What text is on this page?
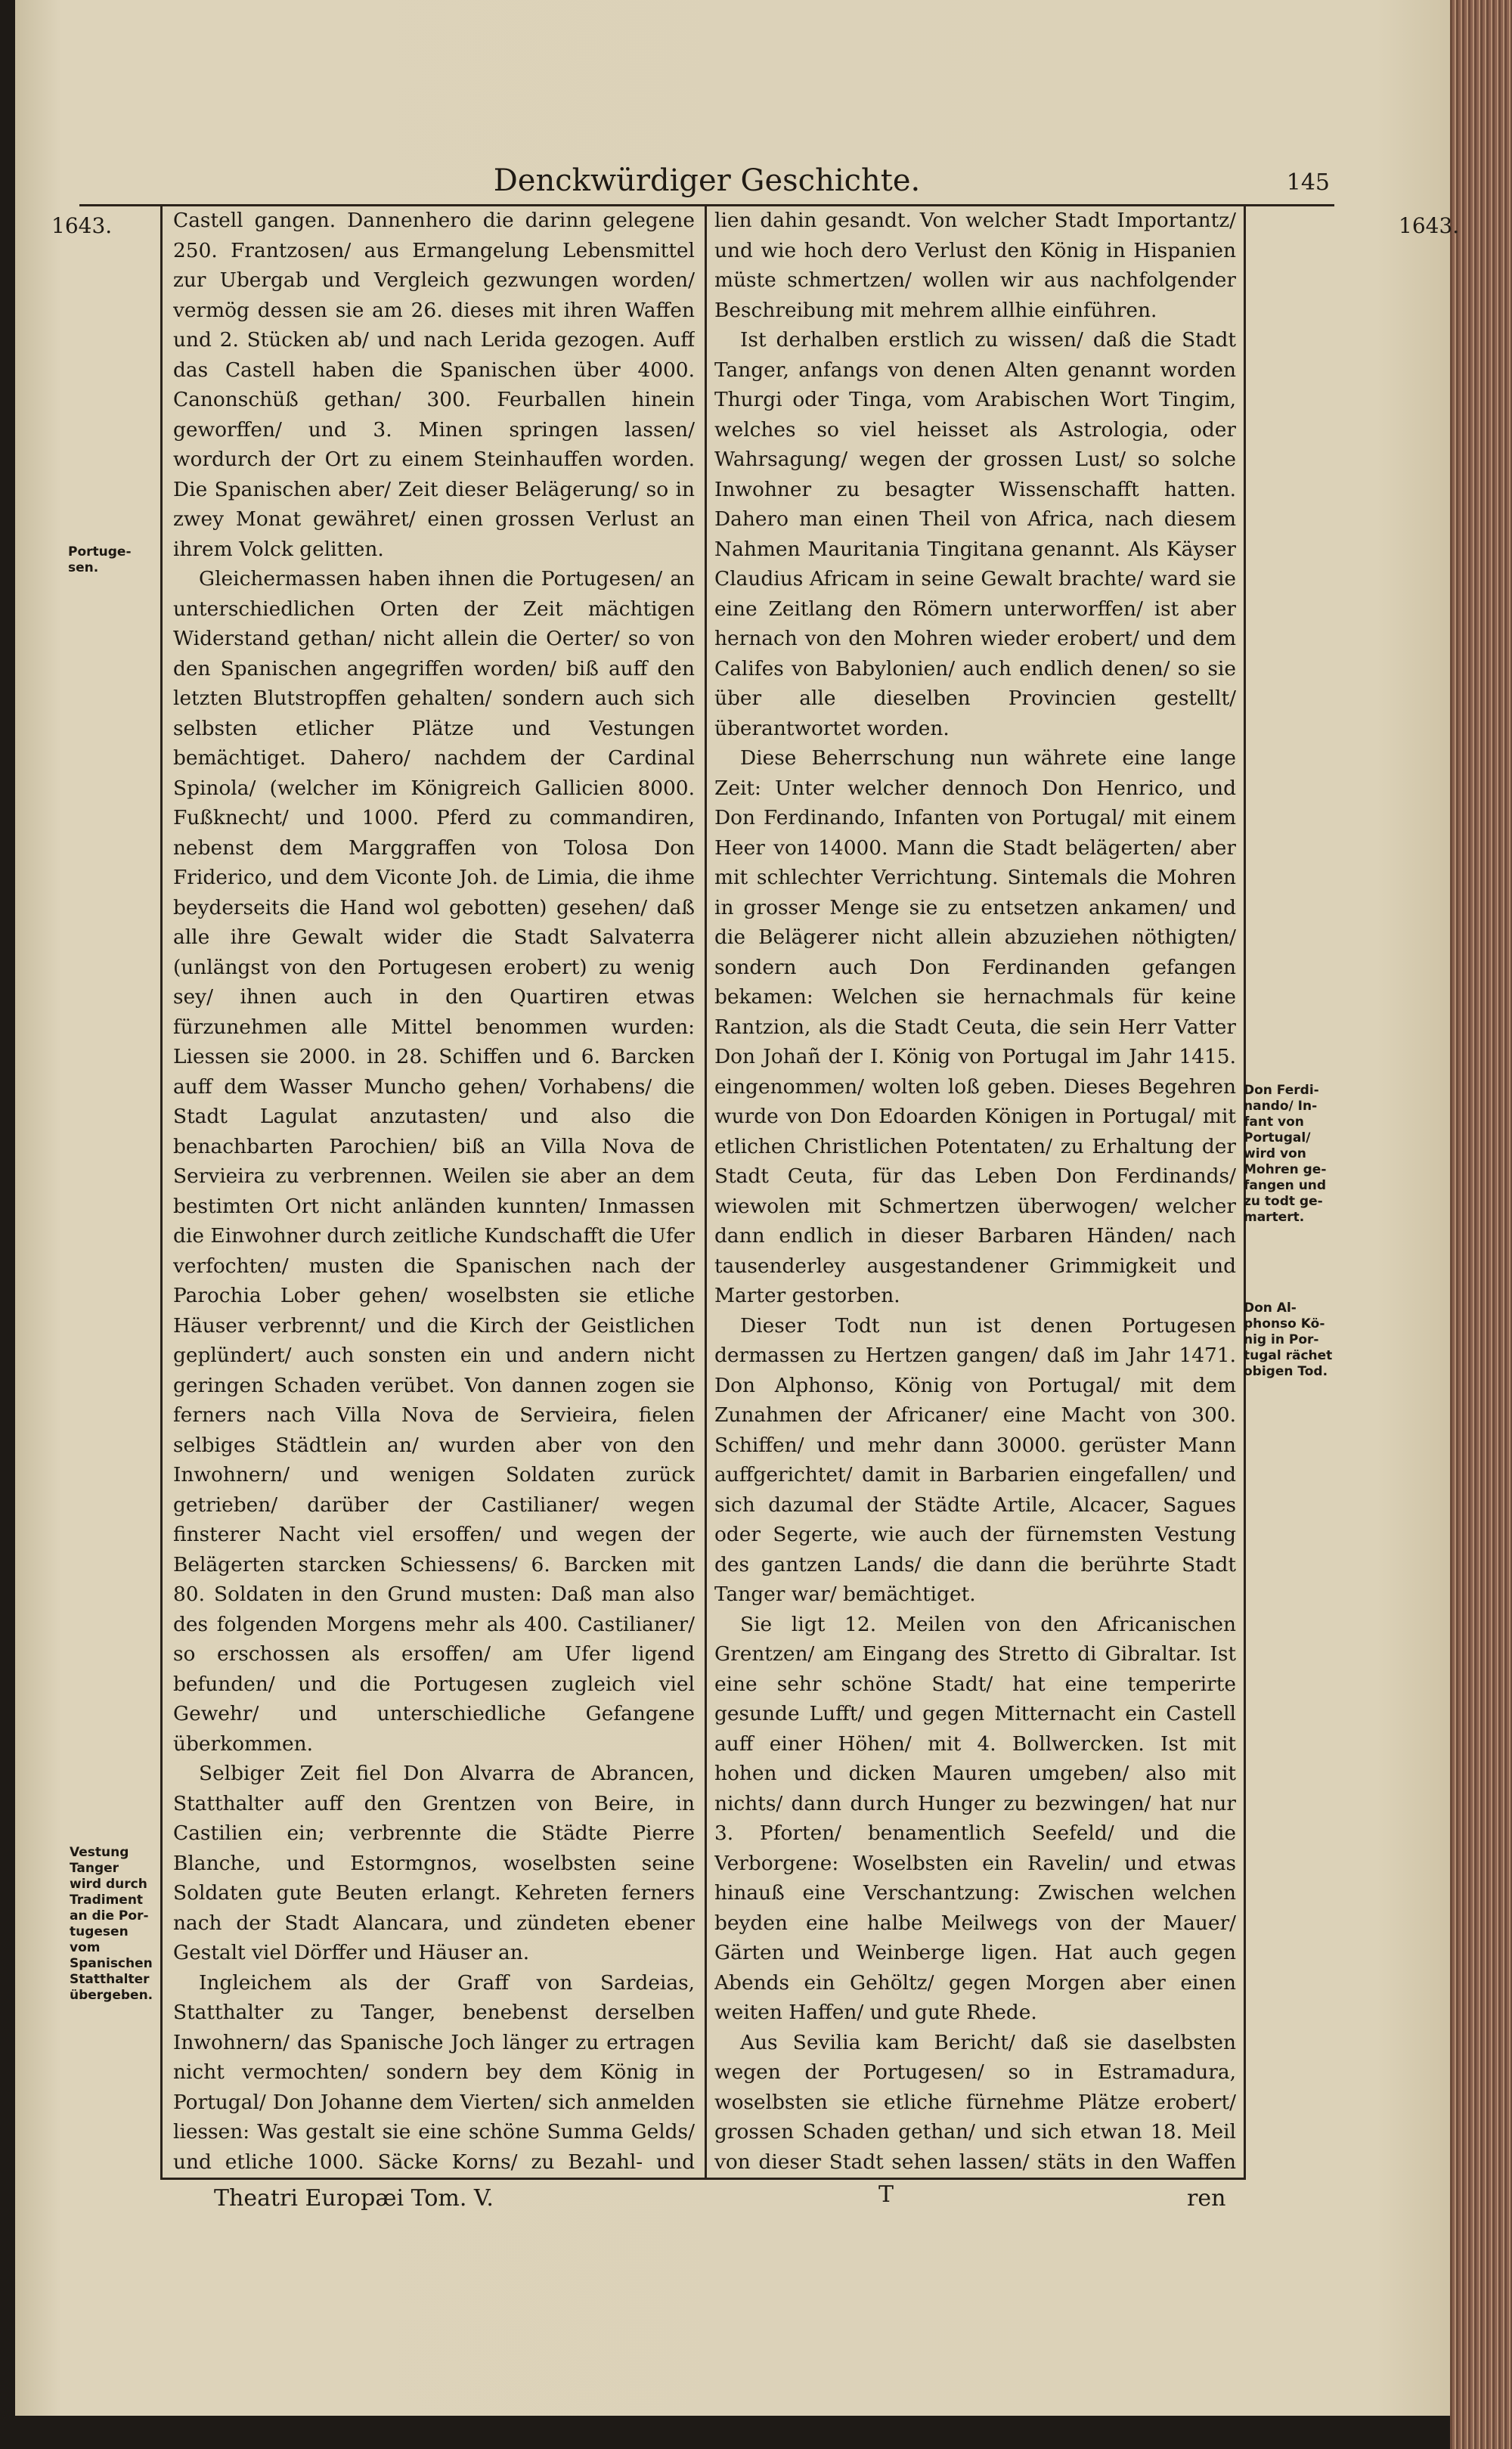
Denckwürdiger Geschichte.	145
1643.	1643.

Castell gangen. Dannenhero die darinn gelegene 250. Frantzosen/ aus Ermangelung Lebensmittel zur Ubergab und Vergleich gezwungen worden/ vermög dessen sie am 26. dieses mit ihren Waffen und 2. Stücken ab/ und nach Lerida gezogen. Auff das Castell haben die Spanischen über 4000. Canonschüß gethan/ 300. Feurballen hinein geworffen/ und 3. Minen springen lassen/ wordurch der Ort zu einem Steinhauffen worden. Die Spanischen aber/ Zeit dieser Belägerung/ so in zwey Monat gewähret/ einen grossen Verlust an ihrem Volck gelitten.

Gleichermassen haben ihnen die Portugesen/ an unterschiedlichen Orten der Zeit mächtigen Widerstand gethan/ nicht allein die Oerter/ so von den Spanischen angegriffen worden/ biß auff den letzten Blutstropffen gehalten/ sondern auch sich selbsten etlicher Plätze und Vestungen bemächtiget. Dahero/ nachdem der Cardinal Spinola/ (welcher im Königreich Gallicien 8000. Fußknecht/ und 1000. Pferd zu commandiren, nebenst dem Marggraffen von Tolosa Don Friderico, und dem Viconte Joh. de Limia, die ihme beyderseits die Hand wol gebotten) gesehen/ daß alle ihre Gewalt wider die Stadt Salvaterra (unlängst von den Portugesen erobert) zu wenig sey/ ihnen auch in den Quartiren etwas fürzunehmen alle Mittel benommen wurden: Liessen sie 2000. in 28. Schiffen und 6. Barcken auff dem Wasser Muncho gehen/ Vorhabens/ die Stadt Lagulat anzutasten/ und also die benachbarten Parochien/ biß an Villa Nova de Servieira zu verbrennen. Weilen sie aber an dem bestimten Ort nicht anländen kunnten/ Inmassen die Einwohner durch zeitliche Kundschafft die Ufer verfochten/ musten die Spanischen nach der Parochia Lober gehen/ woselbsten sie etliche Häuser verbrennt/ und die Kirch der Geistlichen geplündert/ auch sonsten ein und andern nicht geringen Schaden verübet. Von dannen zogen sie ferners nach Villa Nova de Servieira, fielen selbiges Städtlein an/ wurden aber von den Inwohnern/ und wenigen Soldaten zurück getrieben/ darüber der Castilianer/ wegen finsterer Nacht viel ersoffen/ und wegen der Belägerten starcken Schiessens/ 6. Barcken mit 80. Soldaten in den Grund musten: Daß man also des folgenden Morgens mehr als 400. Castilianer/ so erschossen als ersoffen/ am Ufer ligend befunden/ und die Portugesen zugleich viel Gewehr/ und unterschiedliche Gefangene überkommen.

Selbiger Zeit fiel Don Alvarra de Abrancen, Statthalter auff den Grentzen von Beire, in Castilien ein; verbrennte die Städte Pierre Blanche, und Estormgnos, woselbsten seine Soldaten gute Beuten erlangt. Kehreten ferners nach der Stadt Alancara, und zündeten ebener Gestalt viel Dörffer und Häuser an.

Ingleichem als der Graff von Sardeias, Statthalter zu Tanger, benebenst derselben Inwohnern/ das Spanische Joch länger zu ertragen nicht vermochten/ sondern bey dem König in Portugal/ Don Johanne dem Vierten/ sich anmelden liessen: Was gestalt sie eine schöne Summa Gelds/ und etliche 1000. Säcke Korns/ zu Bezahl- und

lien dahin gesandt. Von welcher Stadt Importantz/ und wie hoch dero Verlust den König in Hispanien müste schmertzen/ wollen wir aus nachfolgender Beschreibung mit mehrem allhie einführen.

Ist derhalben erstlich zu wissen/ daß die Stadt Tanger, anfangs von denen Alten genannt worden Thurgi oder Tinga, vom Arabischen Wort Tingim, welches so viel heisset als Astrologia, oder Wahrsagung/ wegen der grossen Lust/ so solche Inwohner zu besagter Wissenschafft hatten. Dahero man einen Theil von Africa, nach diesem Nahmen Mauritania Tingitana genannt. Als Käyser Claudius Africam in seine Gewalt brachte/ ward sie eine Zeitlang den Römern unterworffen/ ist aber hernach von den Mohren wieder erobert/ und dem Califes von Babylonien/ auch endlich denen/ so sie über alle dieselben Provincien gestellt/ überantwortet worden.

Diese Beherrschung nun währete eine lange Zeit: Unter welcher dennoch Don Henrico, und Don Ferdinando, Infanten von Portugal/ mit einem Heer von 14000. Mann die Stadt belägerten/ aber mit schlechter Verrichtung. Sintemals die Mohren in grosser Menge sie zu entsetzen ankamen/ und die Belägerer nicht allein abzuziehen nöthigten/ sondern auch Don Ferdinanden gefangen bekamen: Welchen sie hernachmals für keine Rantzion, als die Stadt Ceuta, die sein Herr Vatter Don Johañ der I. König von Portugal im Jahr 1415. eingenommen/ wolten loß geben. Dieses Begehren wurde von Don Edoarden Königen in Portugal/ mit etlichen Christlichen Potentaten/ zu Erhaltung der Stadt Ceuta, für das Leben Don Ferdinands/ wiewolen mit Schmertzen überwogen/ welcher dann endlich in dieser Barbaren Händen/ nach tausenderley ausgestandener Grimmigkeit und Marter gestorben.

Dieser Todt nun ist denen Portugesen dermassen zu Hertzen gangen/ daß im Jahr 1471. Don Alphonso, König von Portugal/ mit dem Zunahmen der Africaner/ eine Macht von 300. Schiffen/ und mehr dann 30000. gerüster Mann auffgerichtet/ damit in Barbarien eingefallen/ und sich dazumal der Städte Artile, Alcacer, Sagues oder Segerte, wie auch der fürnemsten Vestung des gantzen Lands/ die dann die berührte Stadt Tanger war/ bemächtiget.

Sie ligt 12. Meilen von den Africanischen Grentzen/ am Eingang des Stretto di Gibraltar. Ist eine sehr schöne Stadt/ hat eine temperirte gesunde Lufft/ und gegen Mitternacht ein Castell auff einer Höhen/ mit 4. Bollwercken. Ist mit hohen und dicken Mauren umgeben/ also mit nichts/ dann durch Hunger zu bezwingen/ hat nur 3. Pforten/ benamentlich Seefeld/ und die Verborgene: Woselbsten ein Ravelin/ und etwas hinauß eine Verschantzung: Zwischen welchen beyden eine halbe Meilwegs von der Mauer/ Gärten und Weinberge ligen. Hat auch gegen Abends ein Gehöltz/ gegen Morgen aber einen weiten Haffen/ und gute Rhede.

Aus Sevilia kam Bericht/ daß sie daselbsten wegen der Portugesen/ so in Estramadura, woselbsten sie etliche fürnehme Plätze erobert/ grossen Schaden gethan/ und sich etwan 18. Meil von dieser Stadt sehen lassen/ stäts in den Waffen

Portuge-
sen.
Vestung
Tanger
wird durch
Tradiment
an die Por-
tugesen vom
Spanischen
Statthalter
übergeben.
Don Ferdi-
nando/ In-
fant von
Portugal/
wird von
Mohren ge-
fangen und
zu todt ge-
martert.
Don Al-
phonso Kö-
nig in Por-
tugal rächet
obigen Tod.
Theatri Europæi Tom. V.	T	ren
